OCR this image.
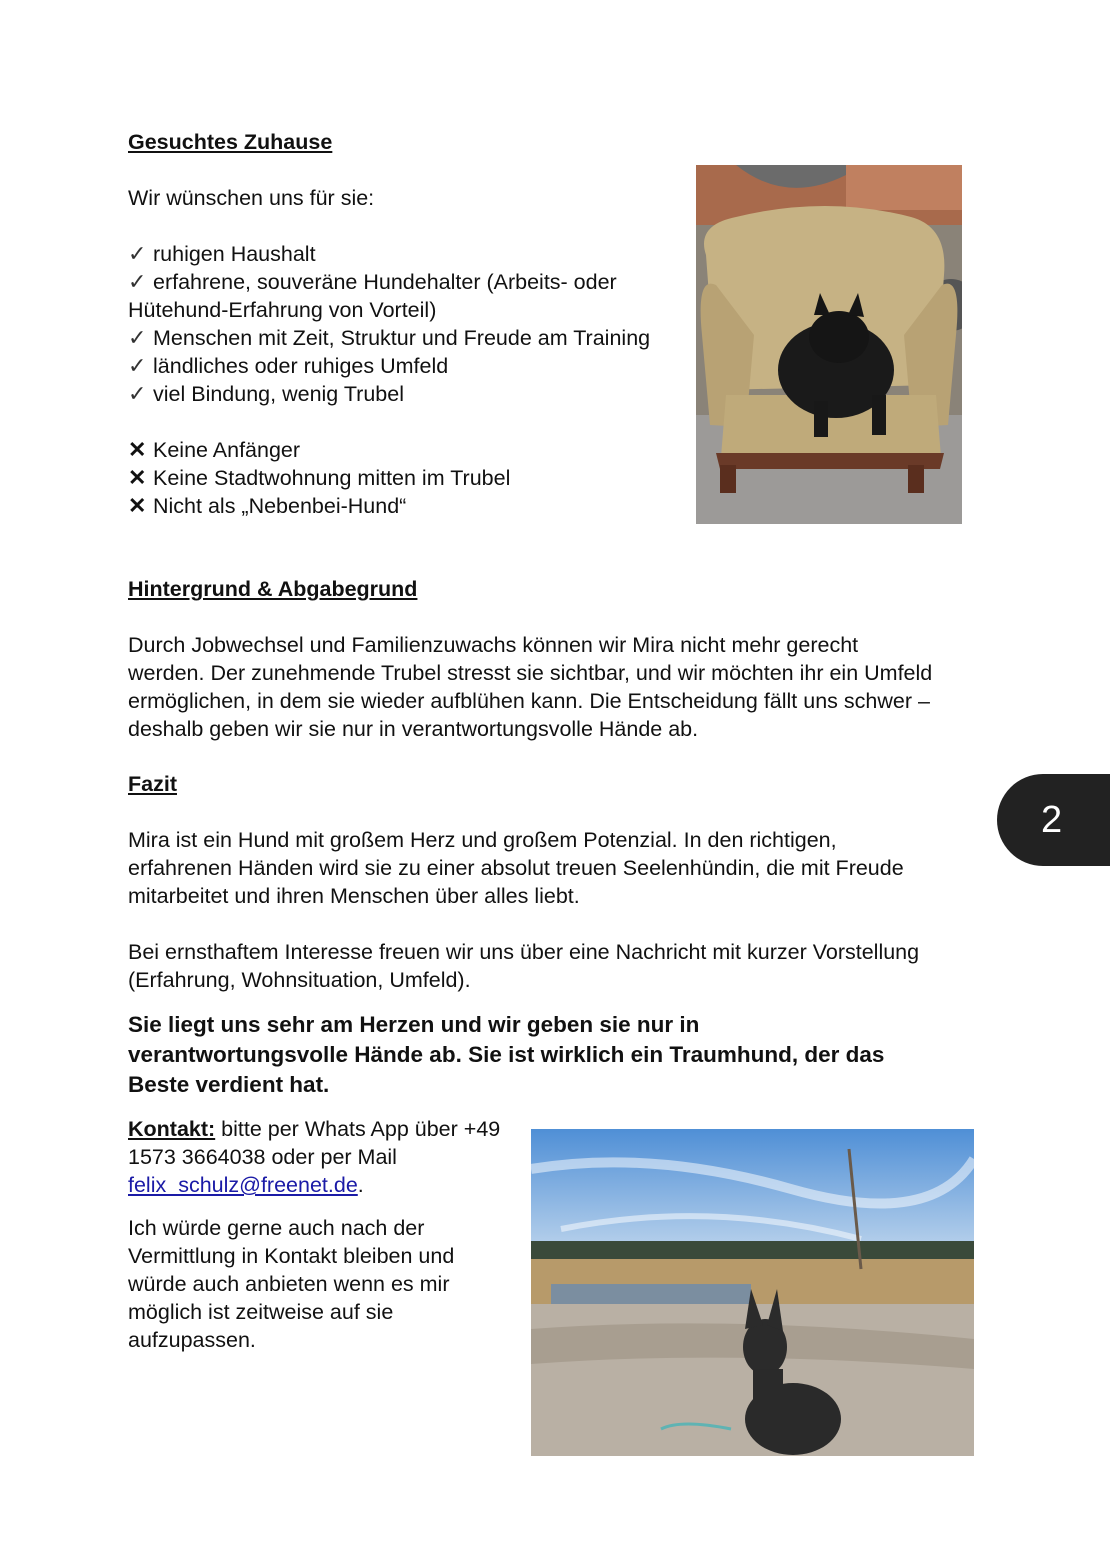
Gesuchtes Zuhause
Wir wünschen uns für sie:
✓ ruhigen Haushalt
✓ erfahrene, souveräne Hundehalter (Arbeits- oder
Hütehund-Erfahrung von Vorteil)
✓ Menschen mit Zeit, Struktur und Freude am Training
✓ ländliches oder ruhiges Umfeld
✓ viel Bindung, wenig Trubel
✕ Keine Anfänger
✕ Keine Stadtwohnung mitten im Trubel
✕ Nicht als „Nebenbei-Hund“
Hintergrund & Abgabegrund
Durch Jobwechsel und Familienzuwachs können wir Mira nicht mehr gerecht
werden. Der zunehmende Trubel stresst sie sichtbar, und wir möchten ihr ein Umfeld
ermöglichen, in dem sie wieder aufblühen kann. Die Entscheidung fällt uns schwer –
deshalb geben wir sie nur in verantwortungsvolle Hände ab.
Fazit
Mira ist ein Hund mit großem Herz und großem Potenzial. In den richtigen,
erfahrenen Händen wird sie zu einer absolut treuen Seelenhündin, die mit Freude
mitarbeitet und ihren Menschen über alles liebt.
Bei ernsthaftem Interesse freuen wir uns über eine Nachricht mit kurzer Vorstellung
(Erfahrung, Wohnsituation, Umfeld).
Sie liegt uns sehr am Herzen und wir geben sie nur in
verantwortungsvolle Hände ab. Sie ist wirklich ein Traumhund, der das
Beste verdient hat.
Kontakt: bitte per Whats App über +49
1573 3664038 oder per Mail
felix_schulz@freenet.de.
Ich würde gerne auch nach der
Vermittlung in Kontakt bleiben und
würde auch anbieten wenn es mir
möglich ist zeitweise auf sie
aufzupassen.
2
